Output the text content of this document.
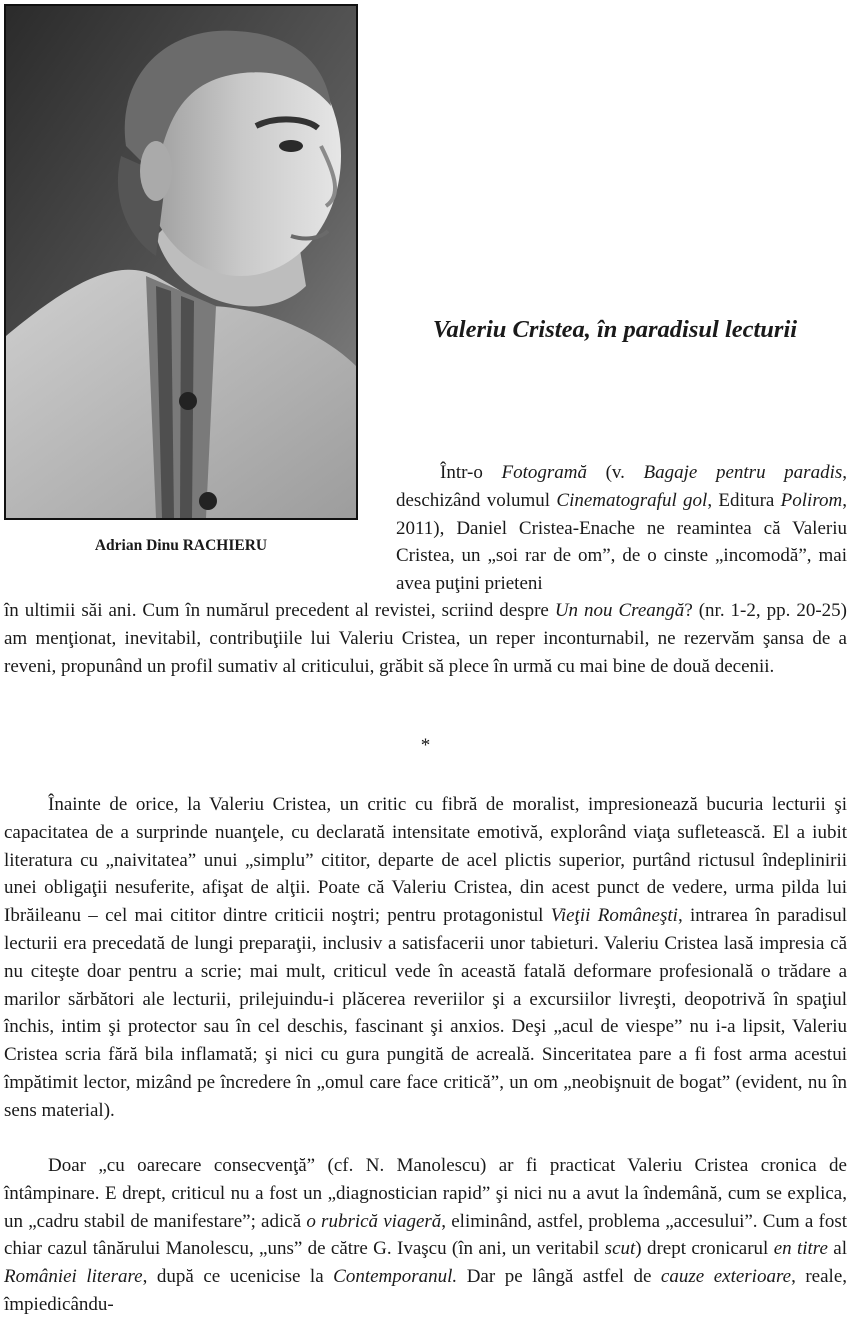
Adrian Dinu RACHIERU
Valeriu Cristea, în paradisul lecturii

Într-o Fotogramă (v. Bagaje pentru paradis, deschizând volumul Cinematograful gol, Editura Polirom, 2011), Daniel Cristea-Enache ne reamintea că Valeriu Cristea, un „soi rar de om”, de o cinste „incomodă”, mai avea puţini prieteni

în ultimii săi ani. Cum în numărul precedent al revistei, scriind despre Un nou Creangă? (nr. 1-2, pp. 20-25) am menţionat, inevitabil, contribuţiile lui Valeriu Cristea, un reper inconturnabil, ne rezervăm şansa de a reveni, propunând un profil sumativ al criticului, grăbit să plece în urmă cu mai bine de două decenii.

*

Înainte de orice, la Valeriu Cristea, un critic cu fibră de moralist, impresionează bucuria lecturii şi capacitatea de a surprinde nuanţele, cu declarată intensitate emotivă, explorând viaţa sufletească. El a iubit literatura cu „naivitatea” unui „simplu” cititor, departe de acel plictis superior, purtând rictusul îndeplinirii unei obligaţii nesuferite, afişat de alţii. Poate că Valeriu Cristea, din acest punct de vedere, urma pilda lui Ibrăileanu – cel mai cititor dintre criticii noştri; pentru protagonistul Vieţii Româneşti, intrarea în paradisul lecturii era precedată de lungi preparaţii, inclusiv a satisfacerii unor tabieturi. Valeriu Cristea lasă impresia că nu citeşte doar pentru a scrie; mai mult, criticul vede în această fatală deformare profesională o trădare a marilor sărbători ale lecturii, prilejuindu-i plăcerea reveriilor şi a excursiilor livreşti, deopotrivă în spaţiul închis, intim şi protector sau în cel deschis, fascinant şi anxios. Deşi „acul de viespe” nu i-a lipsit, Valeriu Cristea scria fără bila inflamată; şi nici cu gura pungită de acreală. Sinceritatea pare a fi fost arma acestui împătimit lector, mizând pe încredere în „omul care face critică”, un om „neobişnuit de bogat” (evident, nu în sens material).

Doar „cu oarecare consecvenţă” (cf. N. Manolescu) ar fi practicat Valeriu Cristea cronica de întâmpinare. E drept, criticul nu a fost un „diagnostician rapid” şi nici nu a avut la îndemână, cum se explica, un „cadru stabil de manifestare”; adică o rubrică viageră, eliminând, astfel, problema „accesului”. Cum a fost chiar cazul tânărului Manolescu, „uns” de către G. Ivaşcu (în ani, un veritabil scut) drept cronicarul en titre al României literare, după ce ucenicise la Contemporanul. Dar pe lângă astfel de cauze exterioare, reale, împiedicându-
